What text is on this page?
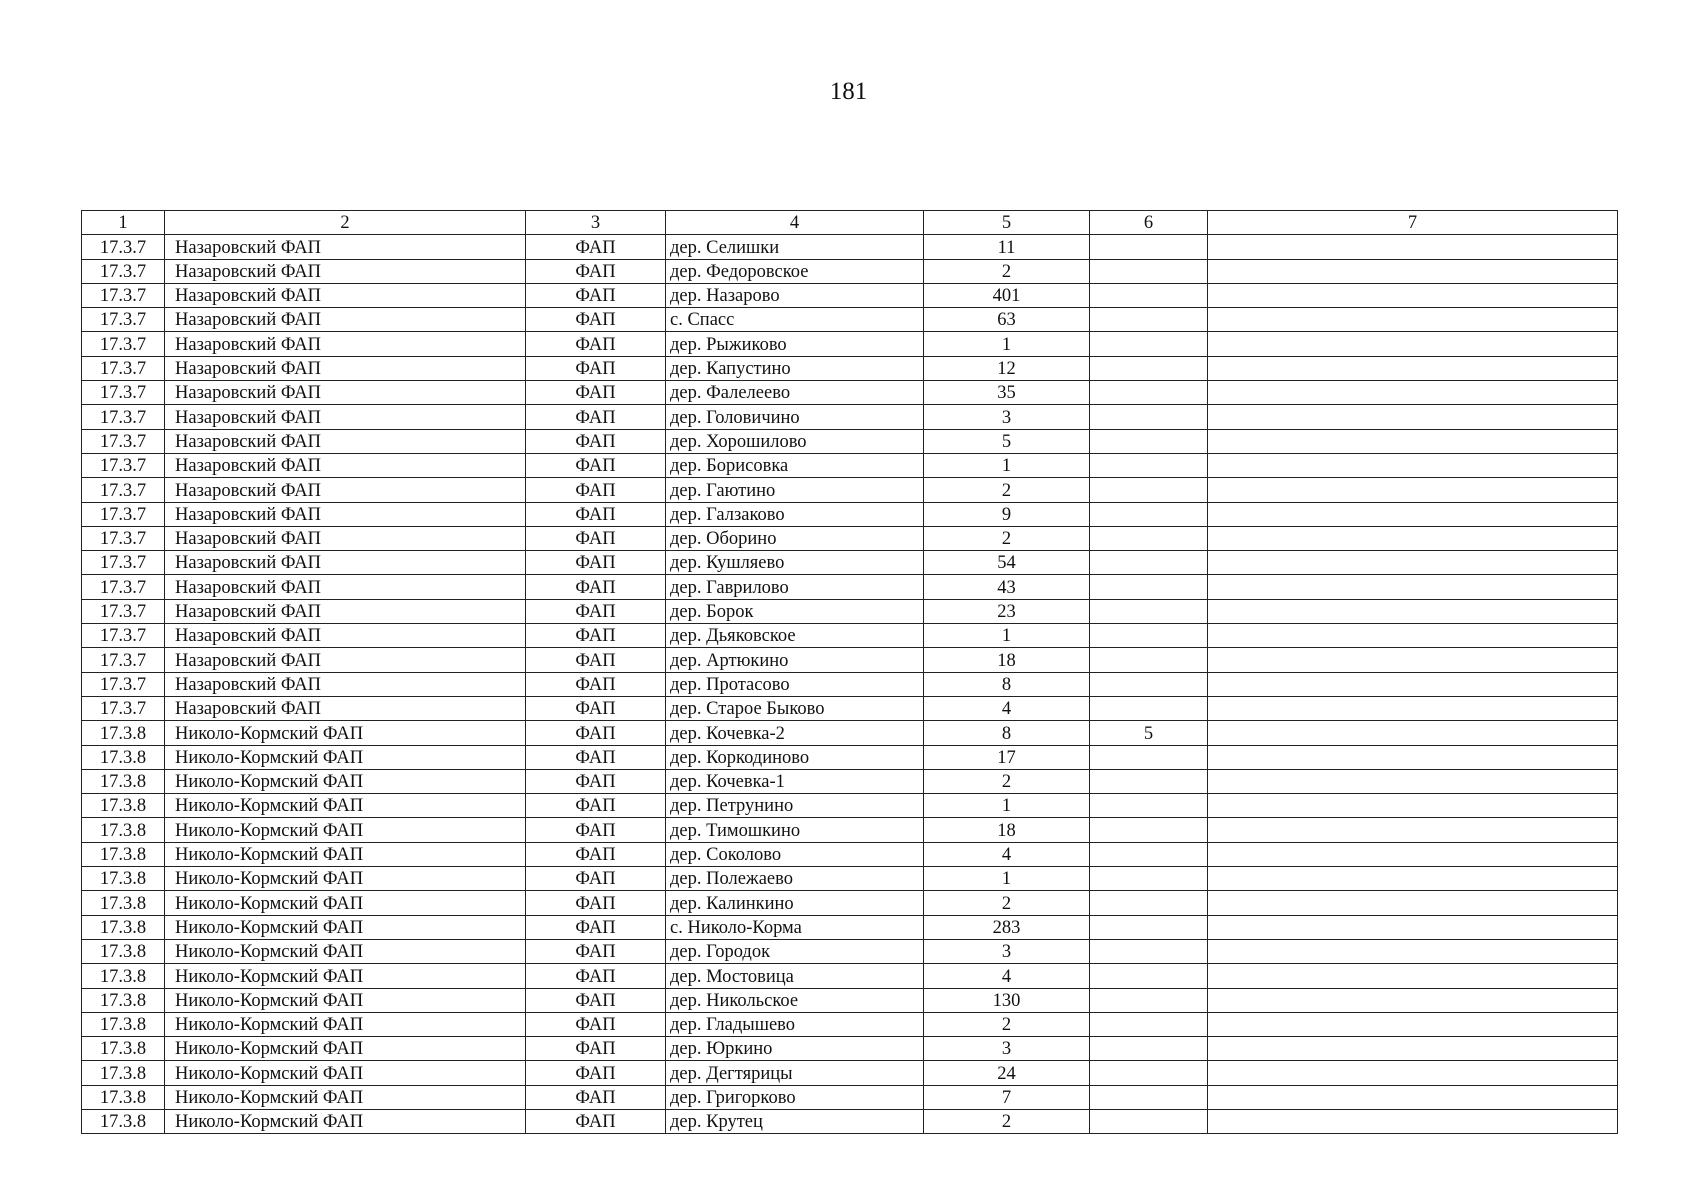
181
1	2	3	4	5	6	7
17.3.7	Назаровский ФАП	ФАП	дер. Селишки	11		
17.3.7	Назаровский ФАП	ФАП	дер. Федоровское	2		
17.3.7	Назаровский ФАП	ФАП	дер. Назарово	401		
17.3.7	Назаровский ФАП	ФАП	с. Спасс	63		
17.3.7	Назаровский ФАП	ФАП	дер. Рыжиково	1		
17.3.7	Назаровский ФАП	ФАП	дер. Капустино	12		
17.3.7	Назаровский ФАП	ФАП	дер. Фалелеево	35		
17.3.7	Назаровский ФАП	ФАП	дер. Головичино	3		
17.3.7	Назаровский ФАП	ФАП	дер. Хорошилово	5		
17.3.7	Назаровский ФАП	ФАП	дер. Борисовка	1		
17.3.7	Назаровский ФАП	ФАП	дер. Гаютино	2		
17.3.7	Назаровский ФАП	ФАП	дер. Галзаково	9		
17.3.7	Назаровский ФАП	ФАП	дер. Оборино	2		
17.3.7	Назаровский ФАП	ФАП	дер. Кушляево	54		
17.3.7	Назаровский ФАП	ФАП	дер. Гаврилово	43		
17.3.7	Назаровский ФАП	ФАП	дер. Борок	23		
17.3.7	Назаровский ФАП	ФАП	дер. Дьяковское	1		
17.3.7	Назаровский ФАП	ФАП	дер. Артюкино	18		
17.3.7	Назаровский ФАП	ФАП	дер. Протасово	8		
17.3.7	Назаровский ФАП	ФАП	дер. Старое Быково	4		
17.3.8	Николо-Кормский ФАП	ФАП	дер. Кочевка-2	8	5	
17.3.8	Николо-Кормский ФАП	ФАП	дер. Коркодиново	17		
17.3.8	Николо-Кормский ФАП	ФАП	дер. Кочевка-1	2		
17.3.8	Николо-Кормский ФАП	ФАП	дер. Петрунино	1		
17.3.8	Николо-Кормский ФАП	ФАП	дер. Тимошкино	18		
17.3.8	Николо-Кормский ФАП	ФАП	дер. Соколово	4		
17.3.8	Николо-Кормский ФАП	ФАП	дер. Полежаево	1		
17.3.8	Николо-Кормский ФАП	ФАП	дер. Калинкино	2		
17.3.8	Николо-Кормский ФАП	ФАП	с. Николо-Корма	283		
17.3.8	Николо-Кормский ФАП	ФАП	дер. Городок	3		
17.3.8	Николо-Кормский ФАП	ФАП	дер. Мостовица	4		
17.3.8	Николо-Кормский ФАП	ФАП	дер. Никольское	130		
17.3.8	Николо-Кормский ФАП	ФАП	дер. Гладышево	2		
17.3.8	Николо-Кормский ФАП	ФАП	дер. Юркино	3		
17.3.8	Николо-Кормский ФАП	ФАП	дер. Дегтярицы	24		
17.3.8	Николо-Кормский ФАП	ФАП	дер. Григорково	7		
17.3.8	Николо-Кормский ФАП	ФАП	дер. Крутец	2		
